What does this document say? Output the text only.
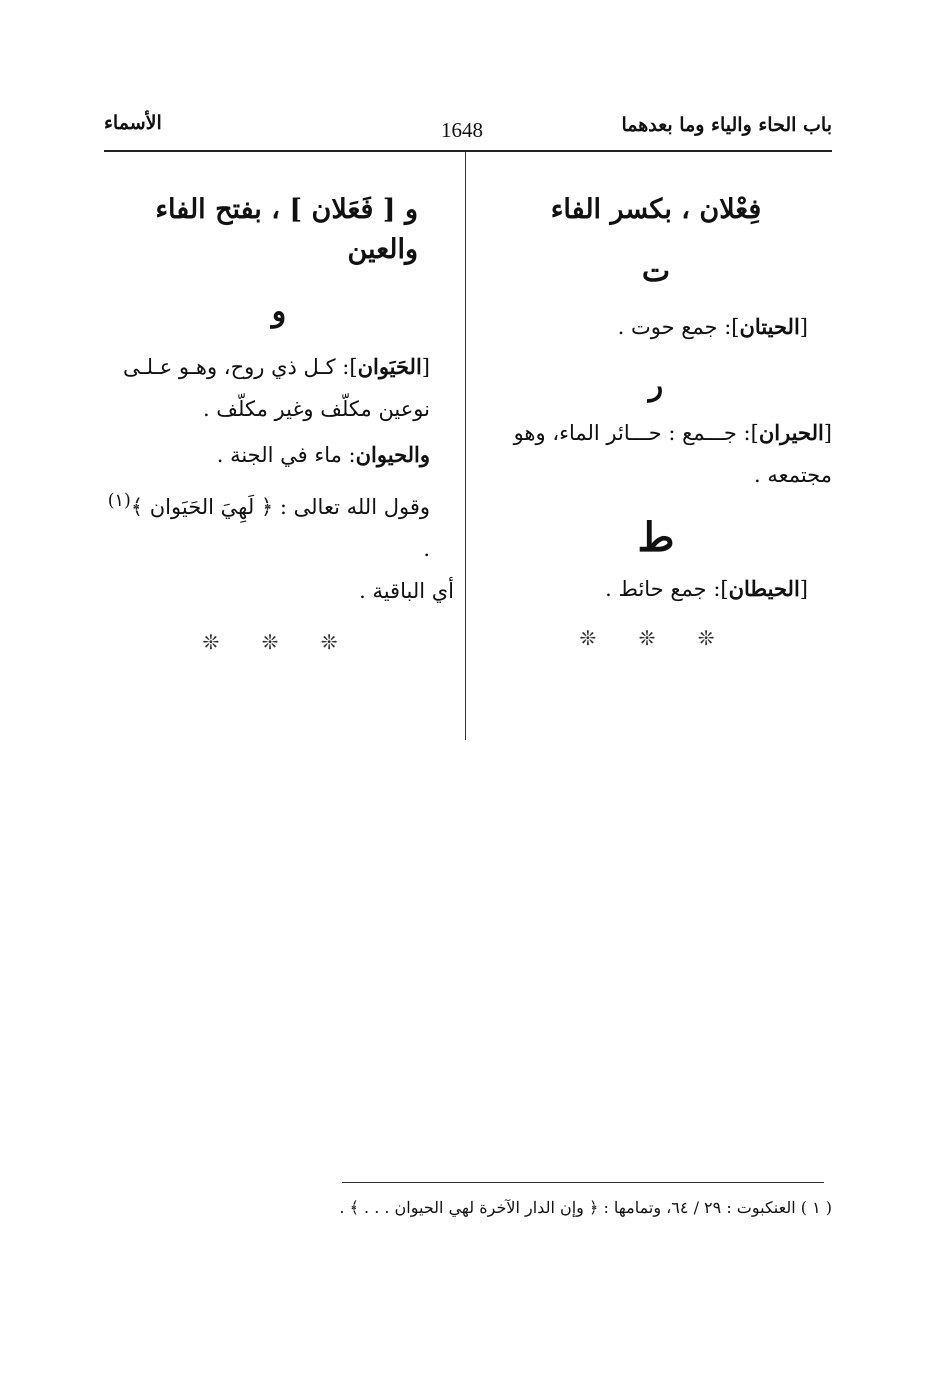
باب الحاء والياء وما بعدهما
1648
الأسماء
فِعْلان ، بكسر الفاء
ت
[الحيتان]: جمع حوت .
ر
[الحيران]: جـــمع : حـــائر الماء، وهو مجتمعه .
ط
[الحيطان]: جمع حائط .
❊ ❊ ❊
و [ فَعَلان ] ، بفتح الفاء والعين
و
[الحَيَوان]: كـل ذي روح، وهـو عـلـى نوعين مكلّف وغير مكلّف .
والحيوان: ماء في الجنة .
وقول الله تعالى : ﴿ لَهِيَ الحَيَوان ﴾$^{(١)}$ .
أي الباقية .
❊ ❊ ❊
( ١ ) العنكبوت : ٢٩ / ٦٤، وتمامها : ﴿ وإن الدار الآخرة لهي الحيوان . . . ﴾ .
